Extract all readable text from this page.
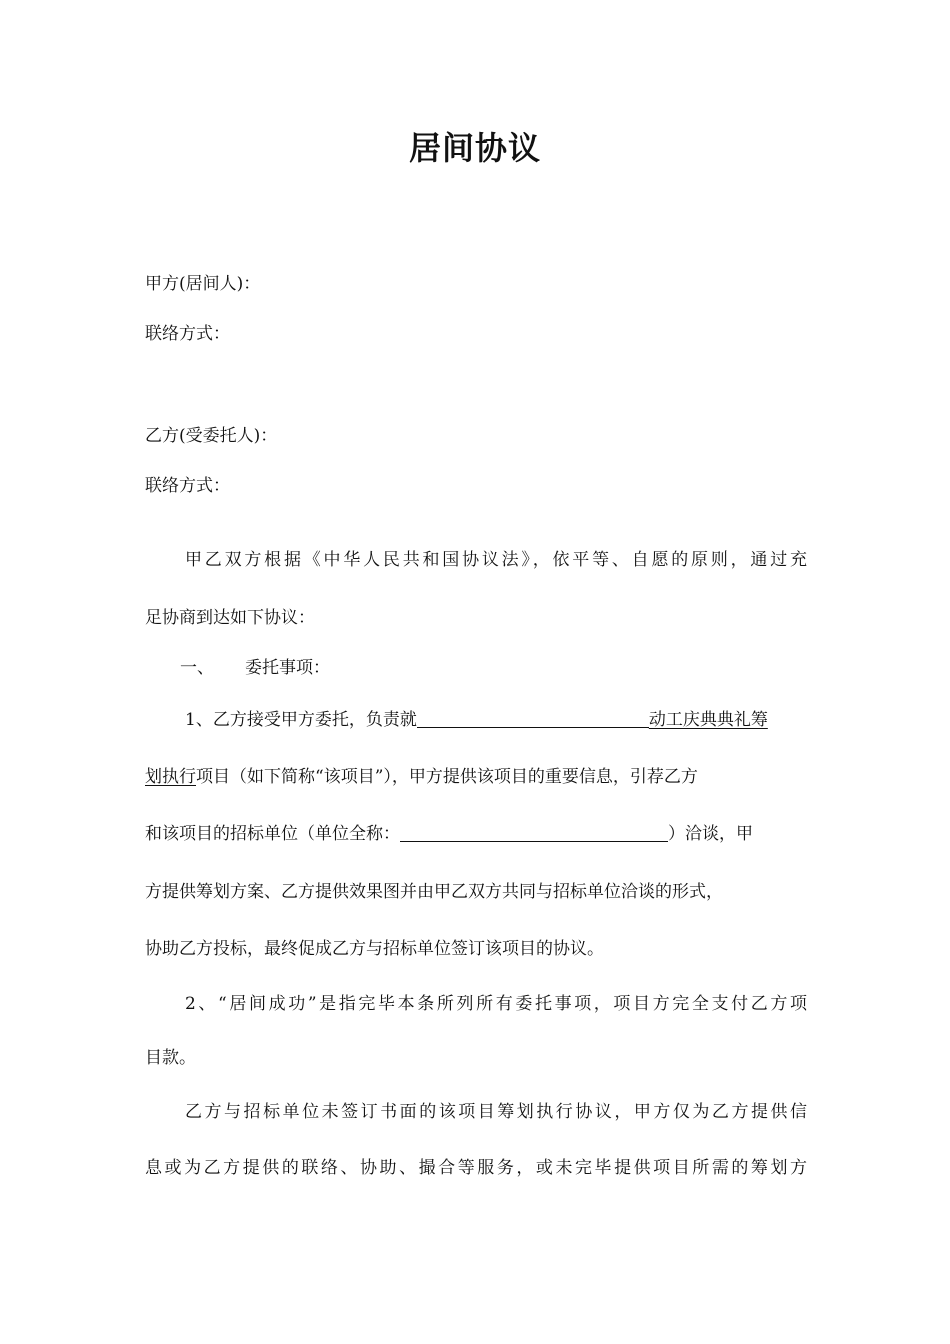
居间协议
甲方(居间人)：
联络方式：
乙方(受委托人)：
联络方式：
甲乙双方根据《中华人民共和国协议法》，依平等、自愿的原则，通过充
足协商到达如下协议：
一、	委托事项：
1、乙方接受甲方委托，负责就	动工庆典典礼筹
划执行项目（如下简称“该项目”），甲方提供该项目的重要信息，引荐乙方
和该项目的招标单位（单位全称：	）洽谈，甲
方提供筹划方案、乙方提供效果图并由甲乙双方共同与招标单位洽谈的形式，
协助乙方投标，最终促成乙方与招标单位签订该项目的协议。
2、“居间成功”是指完毕本条所列所有委托事项，项目方完全支付乙方项
目款。
乙方与招标单位未签订书面的该项目筹划执行协议，甲方仅为乙方提供信
息或为乙方提供的联络、协助、撮合等服务，或未完毕提供项目所需的筹划方
